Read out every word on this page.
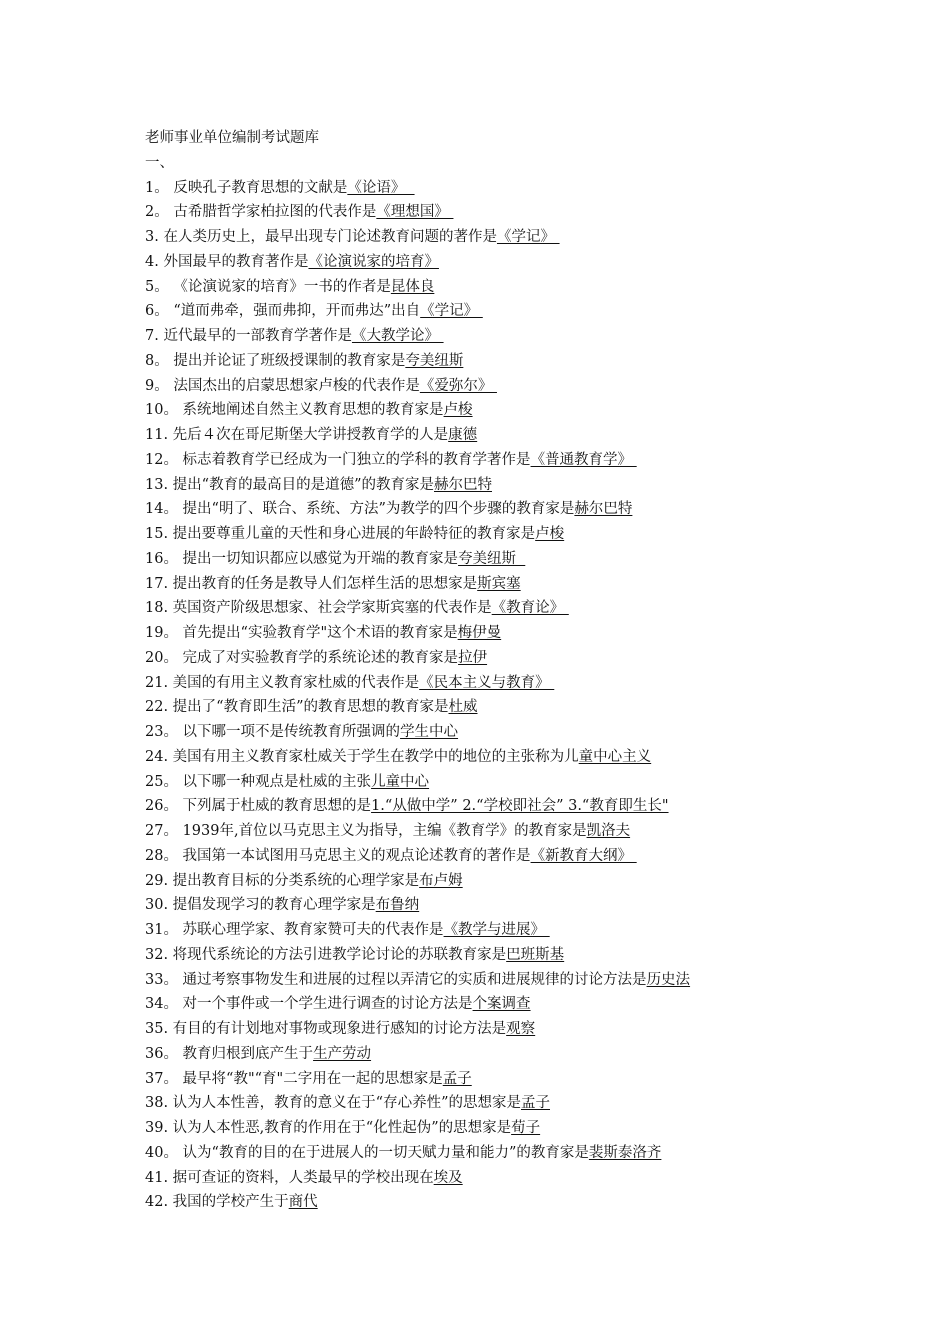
老师事业单位编制考试题库
一、
1。 反映孔子教育思想的文献是《论语》
2。 古希腊哲学家柏拉图的代表作是《理想国》
3. 在人类历史上，最早出现专门论述教育问题的著作是《学记》
4. 外国最早的教育著作是《论演说家的培育》
5。 《论演说家的培育》一书的作者是昆体良
6。 “道而弗牵，强而弗抑，开而弗达”出自《学记》
7. 近代最早的一部教育学著作是《大教学论》
8。 提出并论证了班级授课制的教育家是夸美纽斯
9。 法国杰出的启蒙思想家卢梭的代表作是《爱弥尔》
10。 系统地阐述自然主义教育思想的教育家是卢梭
11. 先后４次在哥尼斯堡大学讲授教育学的人是康德
12。 标志着教育学已经成为一门独立的学科的教育学著作是《普通教育学》
13. 提出“教育的最高目的是道德”的教育家是赫尔巴特
14。 提出“明了、联合、系统、方法”为教学的四个步骤的教育家是赫尔巴特
15. 提出要尊重儿童的天性和身心进展的年龄特征的教育家是卢梭
16。 提出一切知识都应以感觉为开端的教育家是夸美纽斯
17. 提出教育的任务是教导人们怎样生活的思想家是斯宾塞
18. 英国资产阶级思想家、社会学家斯宾塞的代表作是《教育论》
19。 首先提出“实验教育学"这个术语的教育家是梅伊曼
20。 完成了对实验教育学的系统论述的教育家是拉伊
21. 美国的有用主义教育家杜威的代表作是《民本主义与教育》
22. 提出了“教育即生活”的教育思想的教育家是杜威
23。 以下哪一项不是传统教育所强调的学生中心
24. 美国有用主义教育家杜威关于学生在教学中的地位的主张称为儿童中心主义
25。 以下哪一种观点是杜威的主张儿童中心
26。 下列属于杜威的教育思想的是1.“从做中学” 2.“学校即社会” 3.“教育即生长"
27。 1939年,首位以马克思主义为指导，主编《教育学》的教育家是凯洛夫
28。 我国第一本试图用马克思主义的观点论述教育的著作是《新教育大纲》
29. 提出教育目标的分类系统的心理学家是布卢姆
30. 提倡发现学习的教育心理学家是布鲁纳
31。 苏联心理学家、教育家赞可夫的代表作是《教学与进展》
32. 将现代系统论的方法引进教学论讨论的苏联教育家是巴班斯基
33。 通过考察事物发生和进展的过程以弄清它的实质和进展规律的讨论方法是历史法
34。 对一个事件或一个学生进行调查的讨论方法是个案调查
35. 有目的有计划地对事物或现象进行感知的讨论方法是观察
36。 教育归根到底产生于生产劳动
37。 最早将“教"“育"二字用在一起的思想家是孟子
38. 认为人本性善，教育的意义在于“存心养性”的思想家是孟子
39. 认为人本性恶,教育的作用在于“化性起伪”的思想家是荀子
40。 认为“教育的目的在于进展人的一切天赋力量和能力”的教育家是裴斯泰洛齐
41. 据可查证的资料，人类最早的学校出现在埃及
42. 我国的学校产生于商代
